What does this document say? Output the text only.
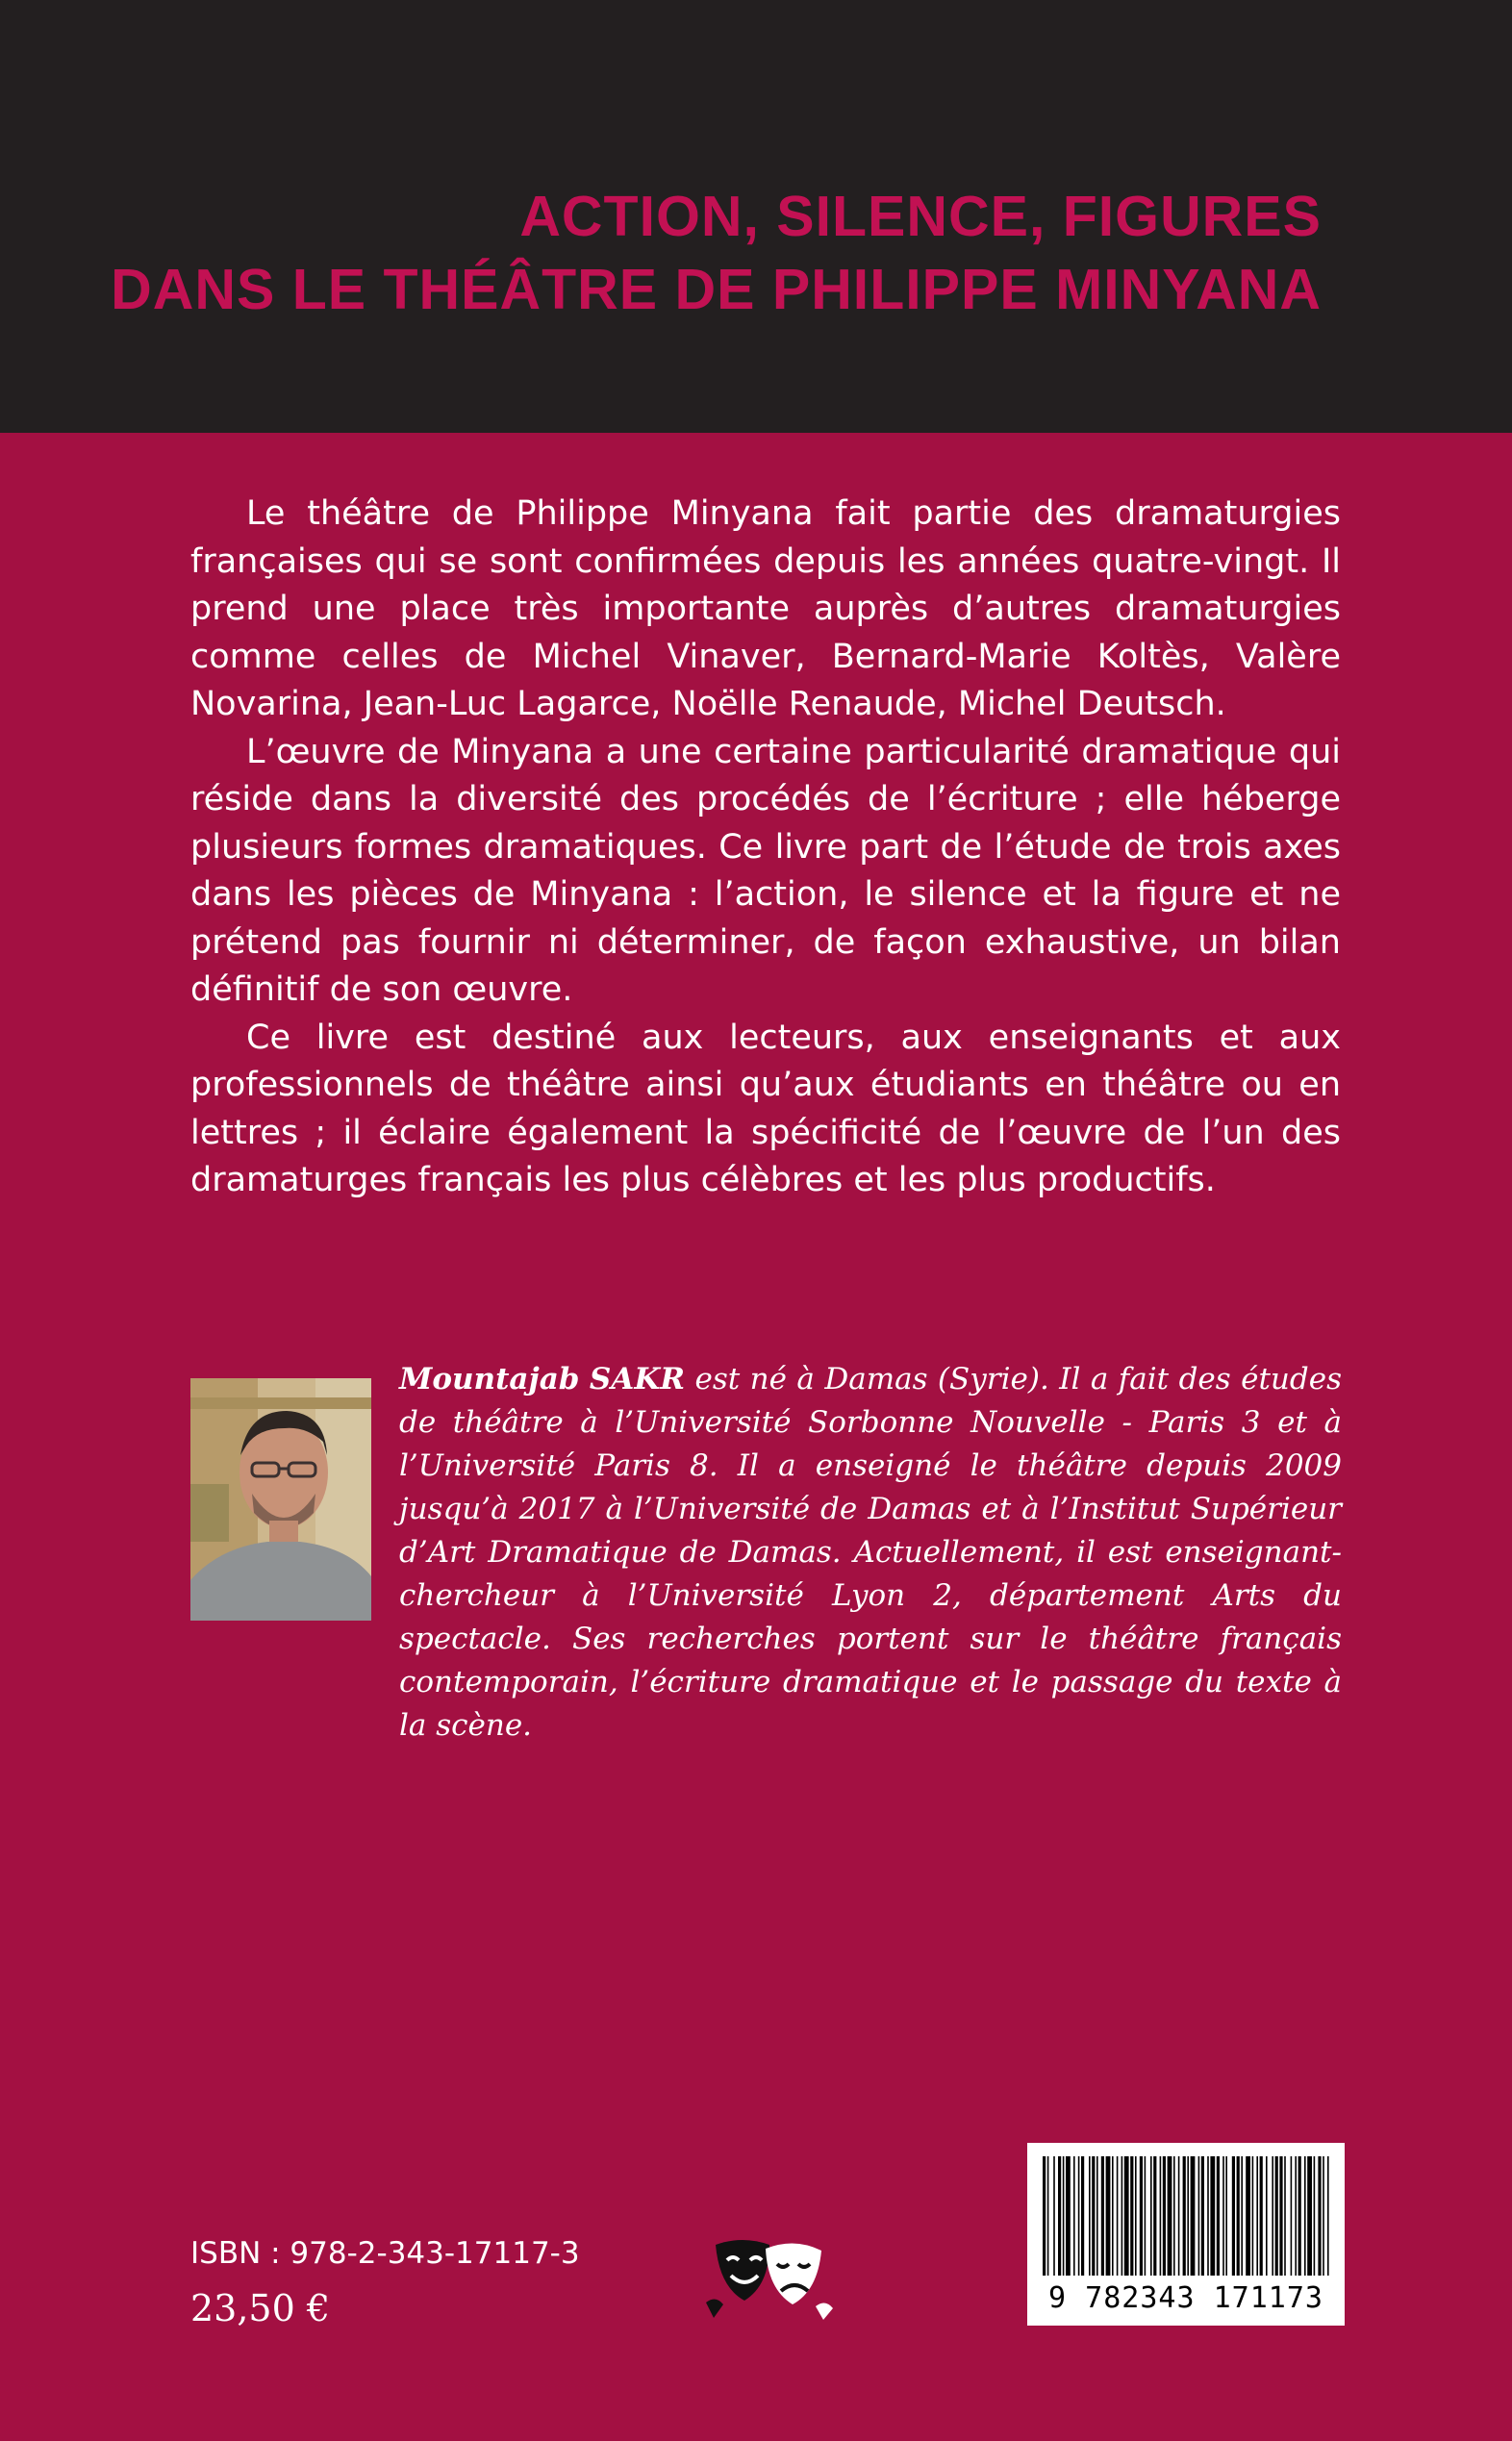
ACTION, SILENCE, FIGURES
DANS LE THÉÂTRE DE PHILIPPE MINYANA

Le théâtre de Philippe Minyana fait partie des dramaturgies françaises qui se sont confirmées depuis les années quatre-vingt. Il prend une place très importante auprès d’autres dramaturgies comme celles de Michel Vinaver, Bernard-Marie Koltès, Valère Novarina, Jean-Luc Lagarce, Noëlle Renaude, Michel Deutsch.

L’œuvre de Minyana a une certaine particularité dramatique qui réside dans la diversité des procédés de l’écriture ; elle héberge plusieurs formes dramatiques. Ce livre part de l’étude de trois axes dans les pièces de Minyana : l’action, le silence et la figure et ne prétend pas fournir ni déterminer, de façon exhaustive, un bilan définitif de son œuvre.

Ce livre est destiné aux lecteurs, aux enseignants et aux professionnels de théâtre ainsi qu’aux étudiants en théâtre ou en lettres ; il éclaire également la spécificité de l’œuvre de l’un des dramaturges français les plus célèbres et les plus productifs.

Mountajab SAKR est né à Damas (Syrie). Il a fait des études de théâtre à l’Université Sorbonne Nouvelle - Paris 3 et à l’Université Paris 8. Il a enseigné le théâtre depuis 2009 jusqu’à 2017 à l’Université de Damas et à l’Institut Supérieur d’Art Dramatique de Damas. Actuellement, il est enseignant-chercheur à l’Université Lyon 2, département Arts du spectacle. Ses recherches portent sur le théâtre français contemporain, l’écriture dramatique et le passage du texte à la scène.

ISBN : 978-2-343-17117-3
23,50 €	9 782343 171173
